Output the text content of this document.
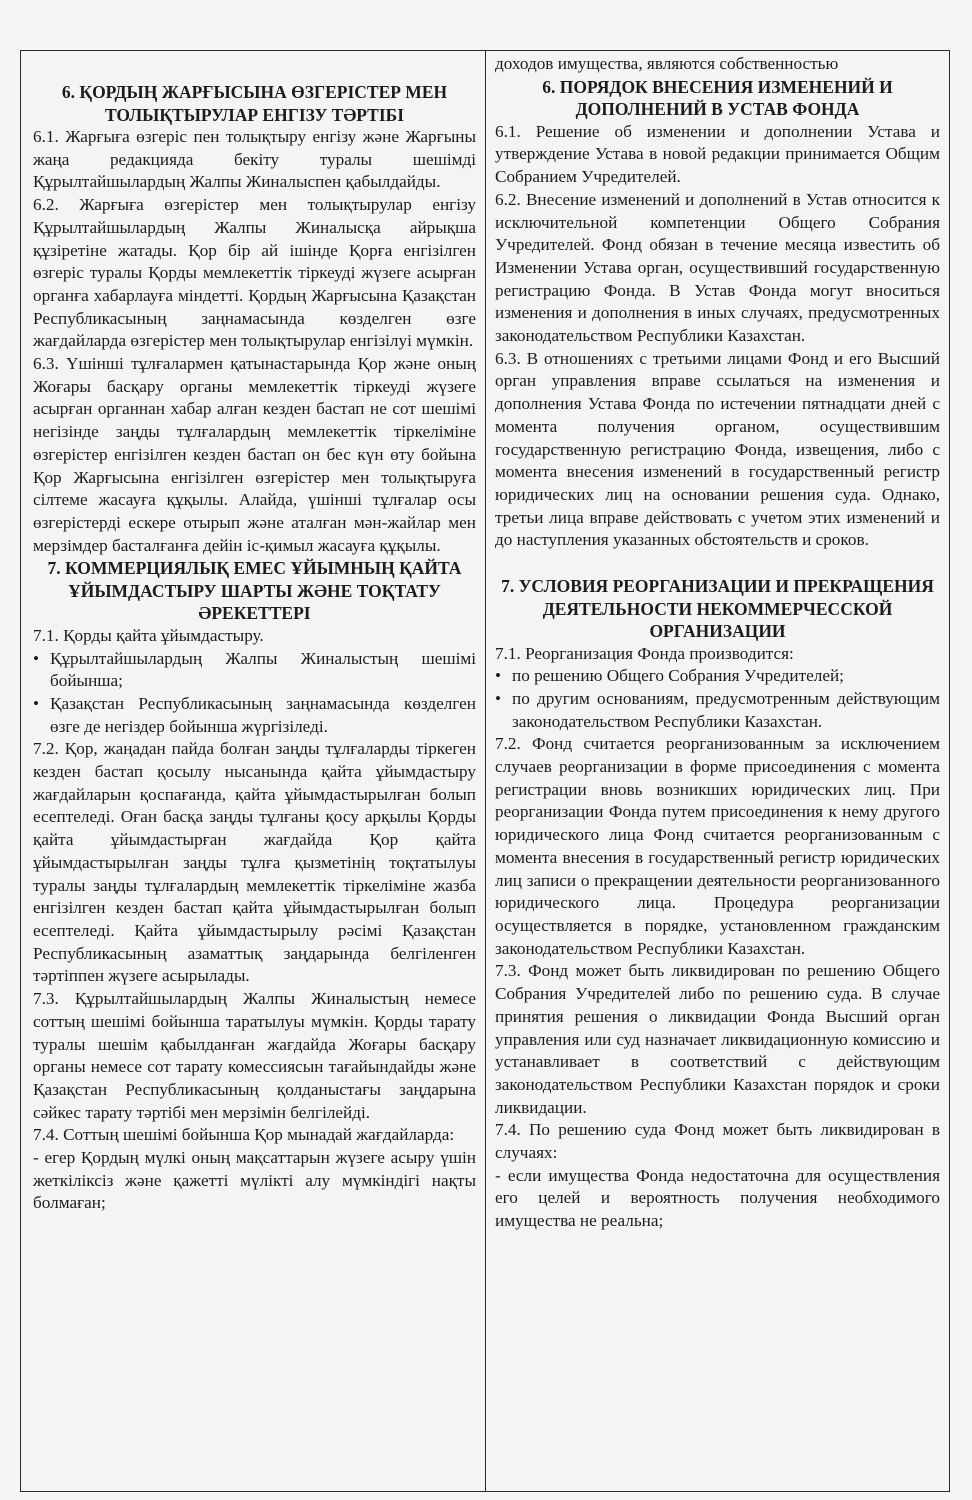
6. ҚОРДЫҢ ЖАРҒЫСЫНА ӨЗГЕРІСТЕР МЕН ТОЛЫҚТЫРУЛАР ЕНГІЗУ ТӘРТІБІ

6.1. Жарғыға өзгеріс пен толықтыру енгізу және Жарғыны жаңа редакцияда бекіту туралы шешімді Құрылтайшылардың Жалпы Жиналыспен қабылдайды.

6.2. Жарғыға өзгерістер мен толықтырулар енгізу Құрылтайшылардың Жалпы Жиналысқа айрықша құзіретіне жатады. Қор бір ай ішінде Қорға енгізілген өзгеріс туралы Қорды мемлекеттік тіркеуді жүзеге асырған органға хабарлауға міндетті. Қордың Жарғысына Қазақстан Республикасының заңнамасында көзделген өзге жағдайларда өзгерістер мен толықтырулар енгізілуі мүмкін.

6.3. Үшінші тұлғалармен қатынастарында Қор және оның Жоғары басқару органы мемлекеттік тіркеуді жүзеге асырған органнан хабар алған кезден бастап не сот шешімі негізінде заңды тұлғалардың мемлекеттік тіркеліміне өзгерістер енгізілген кезден бастап он бес күн өту бойына Қор Жарғысына енгізілген өзгерістер мен толықтыруға сілтеме жасауға құқылы. Алайда, үшінші тұлғалар осы өзгерістерді ескере отырып және аталған мән-жайлар мен мерзімдер басталғанға дейін іс-қимыл жасауға құқылы.

7. КОММЕРЦИЯЛЫҚ ЕМЕС ҰЙЫМНЫҢ ҚАЙТА ҰЙЫМДАСТЫРУ ШАРТЫ ЖӘНЕ ТОҚТАТУ ӘРЕКЕТТЕРІ

7.1. Қорды қайта ұйымдастыру.

• Құрылтайшылардың Жалпы Жиналыстың шешімі бойынша;

• Қазақстан Республикасының заңнамасында көзделген өзге де негіздер бойынша жүргізіледі.

7.2. Қор, жаңадан пайда болған заңды тұлғаларды тіркеген кезден бастап қосылу нысанында қайта ұйымдастыру жағдайларын қоспағанда, қайта ұйымдастырылған болып есептеледі. Оған басқа заңды тұлғаны қосу арқылы Қорды қайта ұйымдастырған жағдайда Қор қайта ұйымдастырылған заңды тұлға қызметінің тоқтатылуы туралы заңды тұлғалардың мемлекеттік тіркеліміне жазба енгізілген кезден бастап қайта ұйымдастырылған болып есептеледі. Қайта ұйымдастырылу рәсімі Қазақстан Республикасының азаматтық заңдарында белгіленген тәртіппен жүзеге асырылады.

7.3. Құрылтайшылардың Жалпы Жиналыстың немесе соттың шешімі бойынша таратылуы мүмкін. Қорды тарату туралы шешім қабылданған жағдайда Жоғары басқару органы немесе сот тарату комессиясын тағайындайды және Қазақстан Республикасының қолданыстағы заңдарына сәйкес тарату тәртібі мен мерзімін белгілейді.

7.4. Соттың шешімі бойынша Қор мынадай жағдайларда:

- егер Қордың мүлкі оның мақсаттарын жүзеге асыру үшін жеткіліксіз және қажетті мүлікті алу мүмкіндігі нақты болмаған;

доходов имущества, являются собственностью

6. ПОРЯДОК ВНЕСЕНИЯ ИЗМЕНЕНИЙ И ДОПОЛНЕНИЙ В УСТАВ ФОНДА

6.1. Решение об изменении и дополнении Устава и утверждение Устава в новой редакции принимается Общим Собранием Учредителей.

6.2. Внесение изменений и дополнений в Устав относится к исключительной компетенции Общего Собрания Учредителей. Фонд обязан в течение месяца известить об Изменении Устава орган, осуществивший государственную регистрацию Фонда. В Устав Фонда могут вноситься изменения и дополнения в иных случаях, предусмотренных законодательством Республики Казахстан.

6.3. В отношениях с третьими лицами Фонд и его Высший орган управления вправе ссылаться на изменения и дополнения Устава Фонда по истечении пятнадцати дней с момента получения органом, осуществившим государственную регистрацию Фонда, извещения, либо с момента внесения изменений в государственный регистр юридических лиц на основании решения суда. Однако, третьи лица вправе действовать с учетом этих изменений и до наступления указанных обстоятельств и сроков.

7. УСЛОВИЯ РЕОРГАНИЗАЦИИ И ПРЕКРАЩЕНИЯ ДЕЯТЕЛЬНОСТИ НЕКОММЕРЧЕССКОЙ ОРГАНИЗАЦИИ

7.1. Реорганизация Фонда производится:

• по решению Общего Собрания Учредителей;

• по другим основаниям, предусмотренным действующим законодательством Республики Казахстан.

7.2. Фонд считается реорганизованным за исключением случаев реорганизации в форме присоединения с момента регистрации вновь возникших юридических лиц. При реорганизации Фонда путем присоединения к нему другого юридического лица Фонд считается реорганизованным с момента внесения в государственный регистр юридических лиц записи о прекращении деятельности реорганизованного юридического лица. Процедура реорганизации осуществляется в порядке, установленном гражданским законодательством Республики Казахстан.

7.3. Фонд может быть ликвидирован по решению Общего Собрания Учредителей либо по решению суда. В случае принятия решения о ликвидации Фонда Высший орган управления или суд назначает ликвидационную комиссию и устанавливает в соответствий с действующим законодательством Республики Казахстан порядок и сроки ликвидации.

7.4. По решению суда Фонд может быть ликвидирован в случаях:

- если имущества Фонда недостаточна для осуществления его целей и вероятность получения необходимого имущества не реальна;
